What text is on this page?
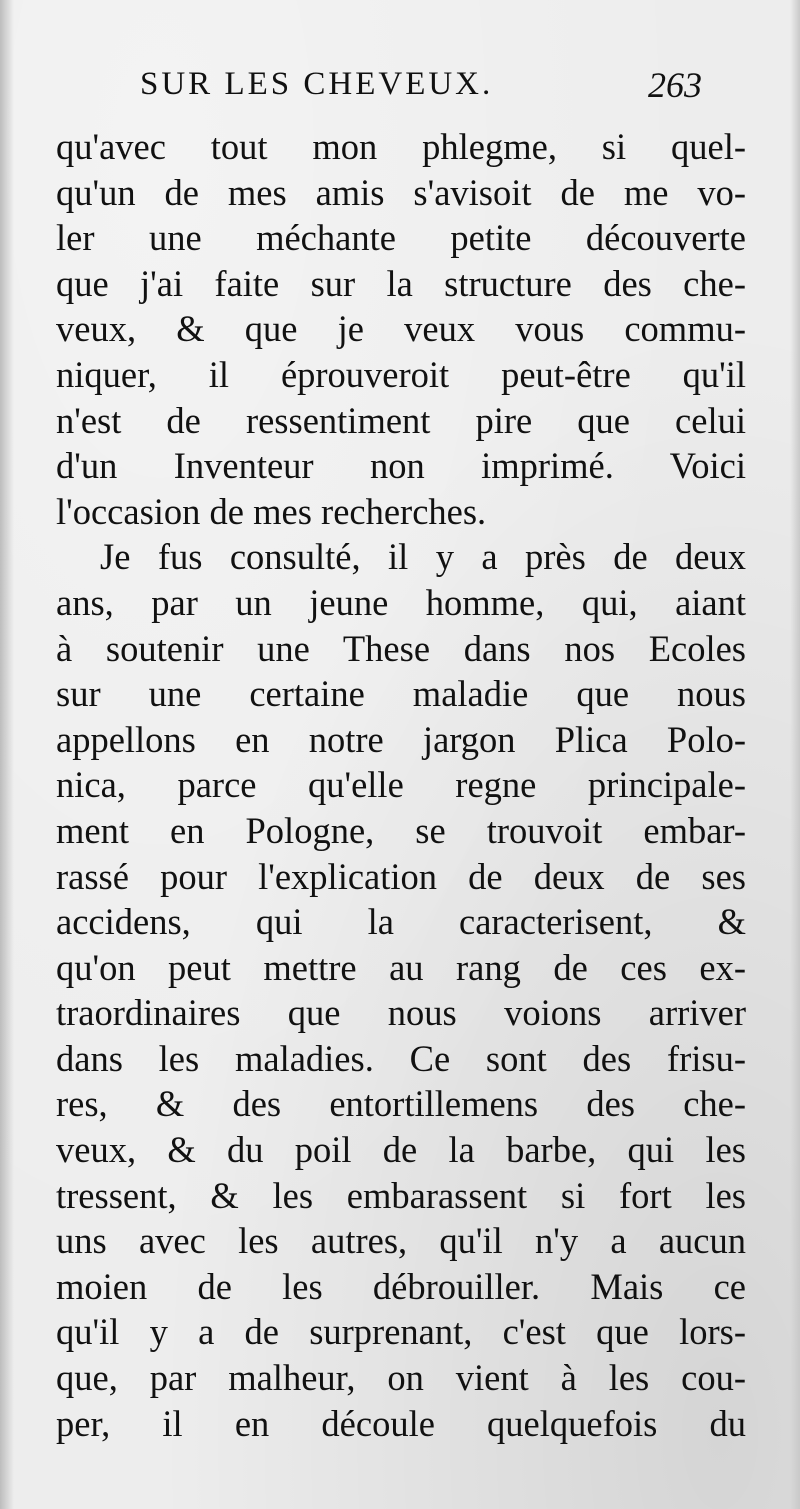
SUR LES CHEVEUX.	263
qu'avec tout mon phlegme, si quel-
qu'un de mes amis s'avisoit de me vo-
ler une méchante petite découverte
que j'ai faite sur la structure des che-
veux, & que je veux vous commu-
niquer, il éprouveroit peut-être qu'il
n'est de ressentiment pire que celui
d'un Inventeur non imprimé. Voici
l'occasion de mes recherches.
Je fus consulté, il y a près de deux
ans, par un jeune homme, qui, aiant
à soutenir une These dans nos Ecoles
sur une certaine maladie que nous
appellons en notre jargon Plica Polo-
nica, parce qu'elle regne principale-
ment en Pologne, se trouvoit embar-
rassé pour l'explication de deux de ses
accidens, qui la caracterisent, &
qu'on peut mettre au rang de ces ex-
traordinaires que nous voions arriver
dans les maladies. Ce sont des frisu-
res, & des entortillemens des che-
veux, & du poil de la barbe, qui les
tressent, & les embarassent si fort les
uns avec les autres, qu'il n'y a aucun
moien de les débrouiller. Mais ce
qu'il y a de surprenant, c'est que lors-
que, par malheur, on vient à les cou-
per, il en découle quelquefois du
